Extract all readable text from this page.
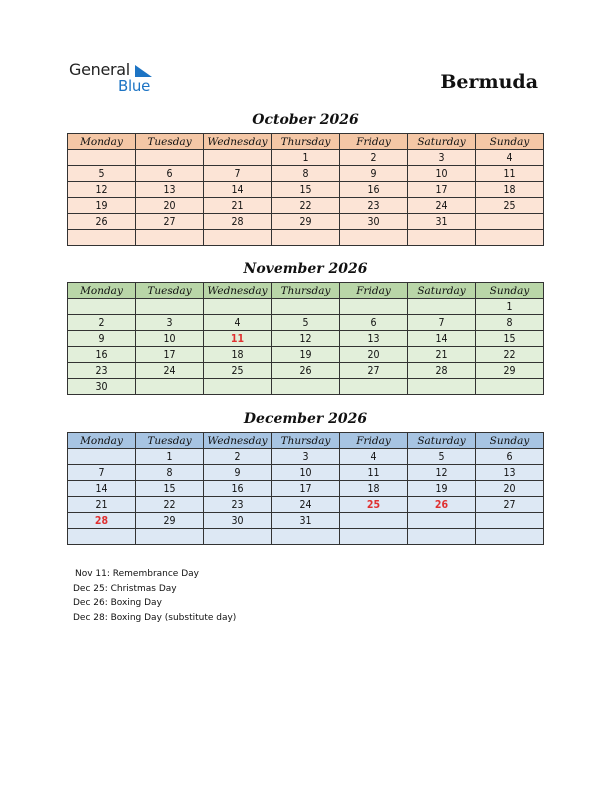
General
Blue	Bermuda
October 2026
Monday	Tuesday	Wednesday	Thursday	Friday	Saturday	Sunday
			1	2	3	4
5	6	7	8	9	10	11
12	13	14	15	16	17	18
19	20	21	22	23	24	25
26	27	28	29	30	31	

November 2026
Monday	Tuesday	Wednesday	Thursday	Friday	Saturday	Sunday
						1
2	3	4	5	6	7	8
9	10	11	12	13	14	15
16	17	18	19	20	21	22
23	24	25	26	27	28	29
30						
December 2026
Monday	Tuesday	Wednesday	Thursday	Friday	Saturday	Sunday
	1	2	3	4	5	6
7	8	9	10	11	12	13
14	15	16	17	18	19	20
21	22	23	24	25	26	27
28	29	30	31			

Nov 11: Remembrance Day
Dec 25: Christmas Day
Dec 26: Boxing Day
Dec 28: Boxing Day (substitute day)
